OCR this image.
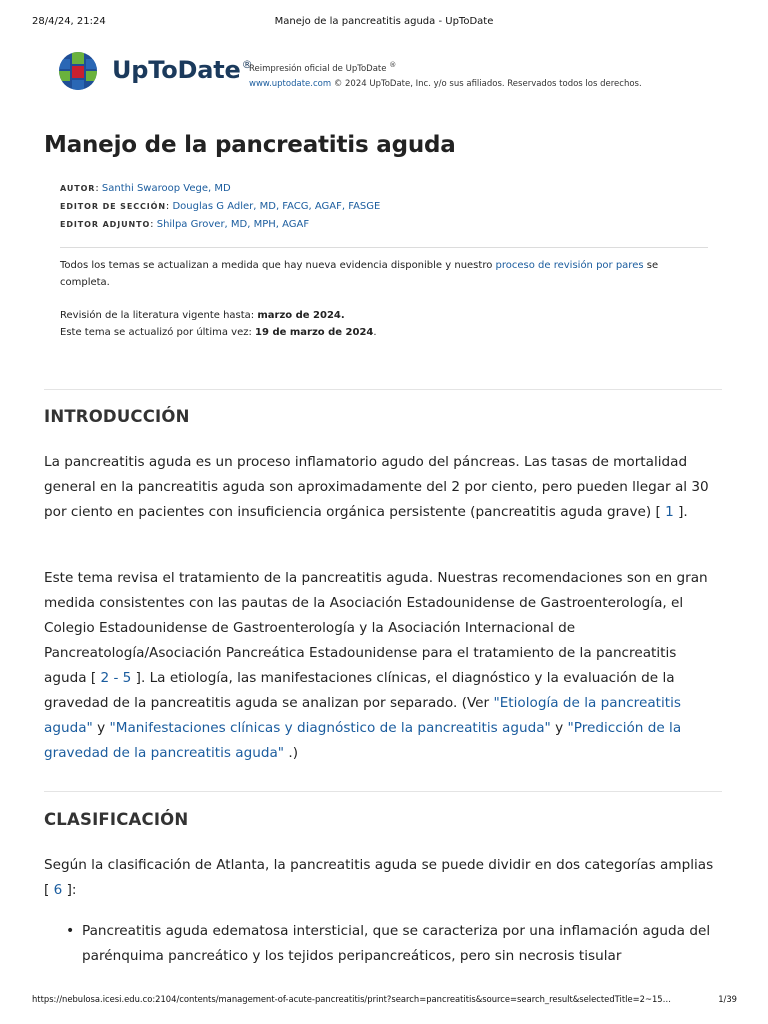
28/4/24, 21:24	Manejo de la pancreatitis aguda - UpToDate
UpToDate®
Reimpresión oficial de UpToDate ®
www.uptodate.com © 2024 UpToDate, Inc. y/o sus afiliados. Reservados todos los derechos.
Manejo de la pancreatitis aguda
AUTOR: Santhi Swaroop Vege, MD
EDITOR DE SECCIÓN: Douglas G Adler, MD, FACG, AGAF, FASGE
EDITOR ADJUNTO: Shilpa Grover, MD, MPH, AGAF

Todos los temas se actualizan a medida que hay nueva evidencia disponible y nuestro proceso de revisión por pares se completa.

Revisión de la literatura vigente hasta: marzo de 2024.
Este tema se actualizó por última vez: 19 de marzo de 2024.
INTRODUCCIÓN

La pancreatitis aguda es un proceso inflamatorio agudo del páncreas. Las tasas de mortalidad general en la pancreatitis aguda son aproximadamente del 2 por ciento, pero pueden llegar al 30 por ciento en pacientes con insuficiencia orgánica persistente (pancreatitis aguda grave) [ 1 ].

Este tema revisa el tratamiento de la pancreatitis aguda. Nuestras recomendaciones son en gran medida consistentes con las pautas de la Asociación Estadounidense de Gastroenterología, el Colegio Estadounidense de Gastroenterología y la Asociación Internacional de Pancreatología/Asociación Pancreática Estadounidense para el tratamiento de la pancreatitis aguda [ 2 - 5 ]. La etiología, las manifestaciones clínicas, el diagnóstico y la evaluación de la gravedad de la pancreatitis aguda se analizan por separado. (Ver "Etiología de la pancreatitis aguda" y "Manifestaciones clínicas y diagnóstico de la pancreatitis aguda" y "Predicción de la gravedad de la pancreatitis aguda" .)

CLASIFICACIÓN

Según la clasificación de Atlanta, la pancreatitis aguda se puede dividir en dos categorías amplias [ 6 ]:

• Pancreatitis aguda edematosa intersticial, que se caracteriza por una inflamación aguda del parénquima pancreático y los tejidos peripancreáticos, pero sin necrosis tisular
https://nebulosa.icesi.edu.co:2104/contents/management-of-acute-pancreatitis/print?search=pancreatitis&source=search_result&selectedTitle=2~15…	1/39
